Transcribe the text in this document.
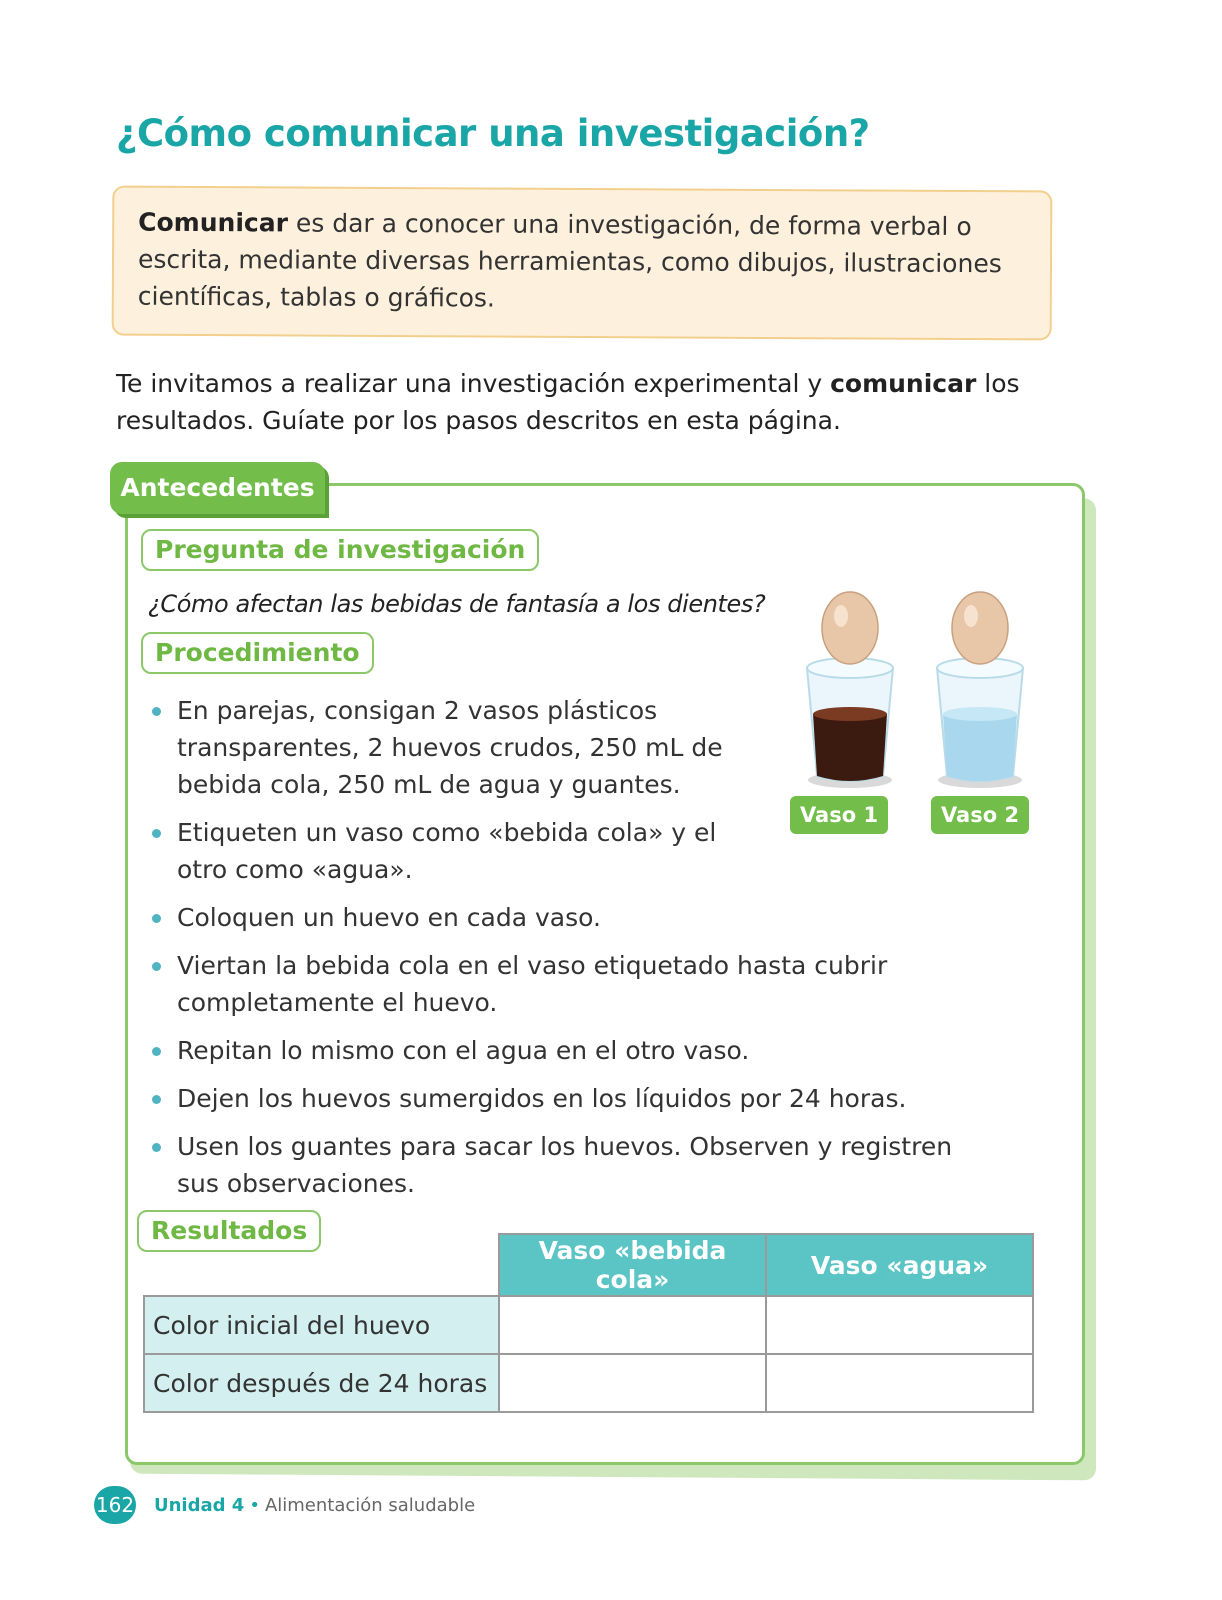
¿Cómo comunicar una investigación?

Comunicar es dar a conocer una investigación, de forma verbal o escrita, mediante diversas herramientas, como dibujos, ilustraciones científicas, tablas o gráficos.

Te invitamos a realizar una investigación experimental y comunicar los resultados. Guíate por los pasos descritos en esta página.

Antecedentes
Pregunta de investigación

¿Cómo afectan las bebidas de fantasía a los dientes?

Procedimiento
En parejas, consigan 2 vasos plásticos transparentes, 2 huevos crudos, 250 mL de bebida cola, 250 mL de agua y guantes.
Etiqueten un vaso como «bebida cola» y el otro como «agua».
Coloquen un huevo en cada vaso.
Viertan la bebida cola en el vaso etiquetado hasta cubrir completamente el huevo.
Repitan lo mismo con el agua en el otro vaso.
Dejen los huevos sumergidos en los líquidos por 24 horas.
Usen los guantes para sacar los huevos. Observen y registren sus observaciones.
Vaso 1	Vaso 2
Resultados
	Vaso «bebida cola»	Vaso «agua»
Color inicial del huevo		
Color después de 24 horas		
162 Unidad 4 • Alimentación saludable
